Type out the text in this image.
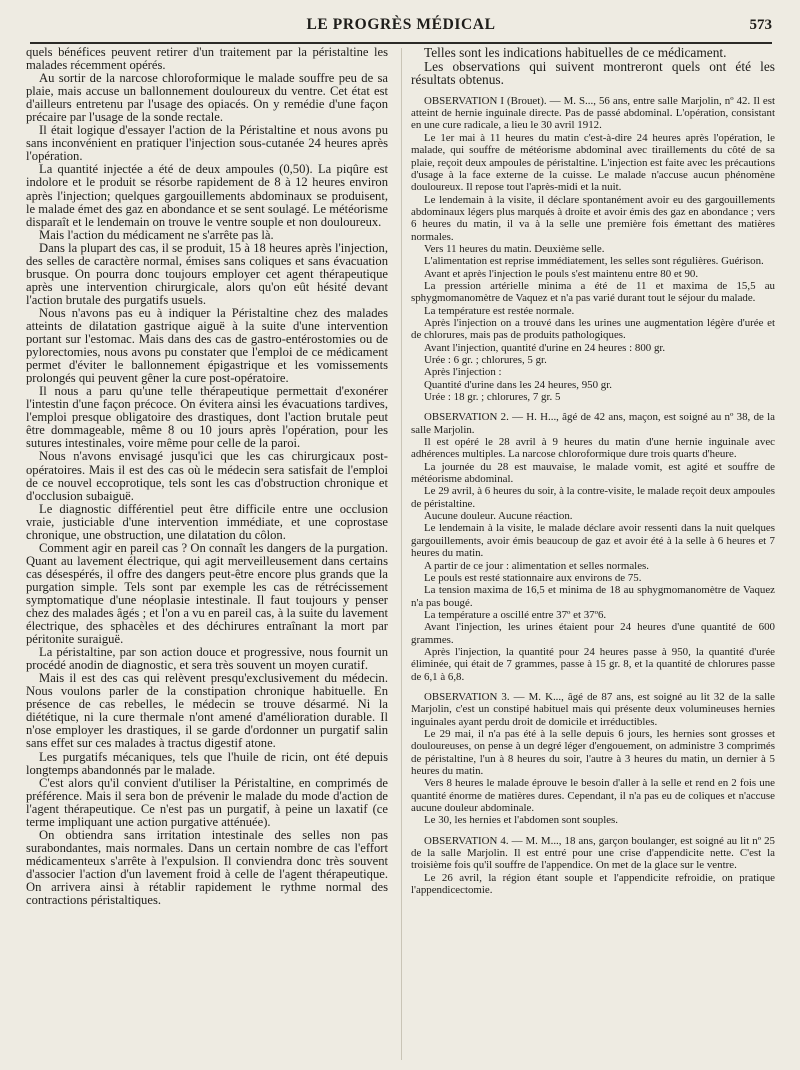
LE PROGRÈS MÉDICAL	573

quels bénéfices peuvent retirer d'un traitement par la péristaltine les malades récemment opérés.

Au sortir de la narcose chloroformique le malade souffre peu de sa plaie, mais accuse un ballonnement douloureux du ventre. Cet état est d'ailleurs entretenu par l'usage des opiacés. On y remédie d'une façon précaire par l'usage de la sonde rectale.

Il était logique d'essayer l'action de la Péristaltine et nous avons pu sans inconvénient en pratiquer l'injection sous-cutanée 24 heures après l'opération.

La quantité injectée a été de deux ampoules (0,50). La piqûre est indolore et le produit se résorbe rapidement de 8 à 12 heures environ après l'injection; quelques gargouillements abdominaux se produisent, le malade émet des gaz en abondance et se sent soulagé. Le météorisme disparaît et le lendemain on trouve le ventre souple et non douloureux.

Mais l'action du médicament ne s'arrête pas là.

Dans la plupart des cas, il se produit, 15 à 18 heures après l'injection, des selles de caractère normal, émises sans coliques et sans évacuation brusque. On pourra donc toujours employer cet agent thérapeutique après une intervention chirurgicale, alors qu'on eût hésité devant l'action brutale des purgatifs usuels.

Nous n'avons pas eu à indiquer la Péristaltine chez des malades atteints de dilatation gastrique aiguë à la suite d'une intervention portant sur l'estomac. Mais dans des cas de gastro-entérostomies ou de pylorectomies, nous avons pu constater que l'emploi de ce médicament permet d'éviter le ballonnement épigastrique et les vomissements prolongés qui peuvent gêner la cure post-opératoire.

Il nous a paru qu'une telle thérapeutique permettait d'exonérer l'intestin d'une façon précoce. On évitera ainsi les évacuations tardives, l'emploi presque obligatoire des drastiques, dont l'action brutale peut être dommageable, même 8 ou 10 jours après l'opération, pour les sutures intestinales, voire même pour celle de la paroi.

Nous n'avons envisagé jusqu'ici que les cas chirurgicaux post-opératoires. Mais il est des cas où le médecin sera satisfait de l'emploi de ce nouvel eccoprotique, tels sont les cas d'obstruction chronique et d'occlusion subaiguë.

Le diagnostic différentiel peut être difficile entre une occlusion vraie, justiciable d'une intervention immédiate, et une coprostase chronique, une obstruction, une dilatation du côlon.

Comment agir en pareil cas ? On connaît les dangers de la purgation. Quant au lavement électrique, qui agit merveilleusement dans certains cas désespérés, il offre des dangers peut-être encore plus grands que la purgation simple. Tels sont par exemple les cas de rétrécissement symptomatique d'une néoplasie intestinale. Il faut toujours y penser chez des malades âgés ; et l'on a vu en pareil cas, à la suite du lavement électrique, des sphacèles et des déchirures entraînant la mort par péritonite suraiguë.

La péristaltine, par son action douce et progressive, nous fournit un procédé anodin de diagnostic, et sera très souvent un moyen curatif.

Mais il est des cas qui relèvent presqu'exclusivement du médecin. Nous voulons parler de la constipation chronique habituelle. En présence de cas rebelles, le médecin se trouve désarmé. Ni la diététique, ni la cure thermale n'ont amené d'amélioration durable. Il n'ose employer les drastiques, il se garde d'ordonner un purgatif salin sans effet sur ces malades à tractus digestif atone.

Les purgatifs mécaniques, tels que l'huile de ricin, ont été depuis longtemps abandonnés par le malade.

C'est alors qu'il convient d'utiliser la Péristaltine, en comprimés de préférence. Mais il sera bon de prévenir le malade du mode d'action de l'agent thérapeutique. Ce n'est pas un purgatif, à peine un laxatif (ce terme impliquant une action purgative atténuée).

On obtiendra sans irritation intestinale des selles non pas surabondantes, mais normales. Dans un certain nombre de cas l'effort médicamenteux s'arrête à l'expulsion. Il conviendra donc très souvent d'associer l'action d'un lavement froid à celle de l'agent thérapeutique. On arrivera ainsi à rétablir rapidement le rythme normal des contractions péristaltiques.

Telles sont les indications habituelles de ce médicament.

Les observations qui suivent montreront quels ont été les résultats obtenus.

OBSERVATION I (Brouet). — M. S..., 56 ans, entre salle Marjolin, nº 42. Il est atteint de hernie inguinale directe. Pas de passé abdominal. L'opération, consistant en une cure radicale, a lieu le 30 avril 1912.

Le 1er mai à 11 heures du matin c'est-à-dire 24 heures après l'opération, le malade, qui souffre de météorisme abdominal avec tiraillements du côté de sa plaie, reçoit deux ampoules de péristaltine. L'injection est faite avec les précautions d'usage à la face externe de la cuisse. Le malade n'accuse aucun phénomène douloureux. Il repose tout l'après-midi et la nuit.

Le lendemain à la visite, il déclare spontanément avoir eu des gargouillements abdominaux légers plus marqués à droite et avoir émis des gaz en abondance ; vers 6 heures du matin, il va à la selle une première fois émettant des matières normales.

Vers 11 heures du matin. Deuxième selle.

L'alimentation est reprise immédiatement, les selles sont régulières. Guérison.

Avant et après l'injection le pouls s'est maintenu entre 80 et 90.

La pression artérielle minima a été de 11 et maxima de 15,5 au sphygmomanomètre de Vaquez et n'a pas varié durant tout le séjour du malade.

La température est restée normale.

Après l'injection on a trouvé dans les urines une augmentation légère d'urée et de chlorures, mais pas de produits pathologiques.

Avant l'injection, quantité d'urine en 24 heures : 800 gr.

Urée : 6 gr. ; chlorures, 5 gr.

Après l'injection :

Quantité d'urine dans les 24 heures, 950 gr.

Urée : 18 gr. ; chlorures, 7 gr. 5

OBSERVATION 2. — H. H..., âgé de 42 ans, maçon, est soigné au nº 38, de la salle Marjolin.

Il est opéré le 28 avril à 9 heures du matin d'une hernie inguinale avec adhérences multiples. La narcose chloroformique dure trois quarts d'heure.

La journée du 28 est mauvaise, le malade vomit, est agité et souffre de météorisme abdominal.

Le 29 avril, à 6 heures du soir, à la contre-visite, le malade reçoit deux ampoules de péristaltine.

Aucune douleur. Aucune réaction.

Le lendemain à la visite, le malade déclare avoir ressenti dans la nuit quelques gargouillements, avoir émis beaucoup de gaz et avoir été à la selle à 6 heures et 7 heures du matin.

A partir de ce jour : alimentation et selles normales.

Le pouls est resté stationnaire aux environs de 75.

La tension maxima de 16,5 et minima de 18 au sphygmomanomètre de Vaquez n'a pas bougé.

La température a oscillé entre 37º et 37º6.

Avant l'injection, les urines étaient pour 24 heures d'une quantité de 600 grammes.

Après l'injection, la quantité pour 24 heures passe à 950, la quantité d'urée éliminée, qui était de 7 grammes, passe à 15 gr. 8, et la quantité de chlorures passe de 6,1 à 6,8.

OBSERVATION 3. — M. K..., âgé de 87 ans, est soigné au lit 32 de la salle Marjolin, c'est un constipé habituel mais qui présente deux volumineuses hernies inguinales ayant perdu droit de domicile et irréductibles.

Le 29 mai, il n'a pas été à la selle depuis 6 jours, les hernies sont grosses et douloureuses, on pense à un degré léger d'engouement, on administre 3 comprimés de péristaltine, l'un à 8 heures du soir, l'autre à 3 heures du matin, un dernier à 5 heures du matin.

Vers 8 heures le malade éprouve le besoin d'aller à la selle et rend en 2 fois une quantité énorme de matières dures. Cependant, il n'a pas eu de coliques et n'accuse aucune douleur abdominale.

Le 30, les hernies et l'abdomen sont souples.

OBSERVATION 4. — M. M..., 18 ans, garçon boulanger, est soigné au lit nº 25 de la salle Marjolin. Il est entré pour une crise d'appendicite nette. C'est la troisième fois qu'il souffre de l'appendice. On met de la glace sur le ventre.

Le 26 avril, la région étant souple et l'appendicite refroidie, on pratique l'appendicectomie.
